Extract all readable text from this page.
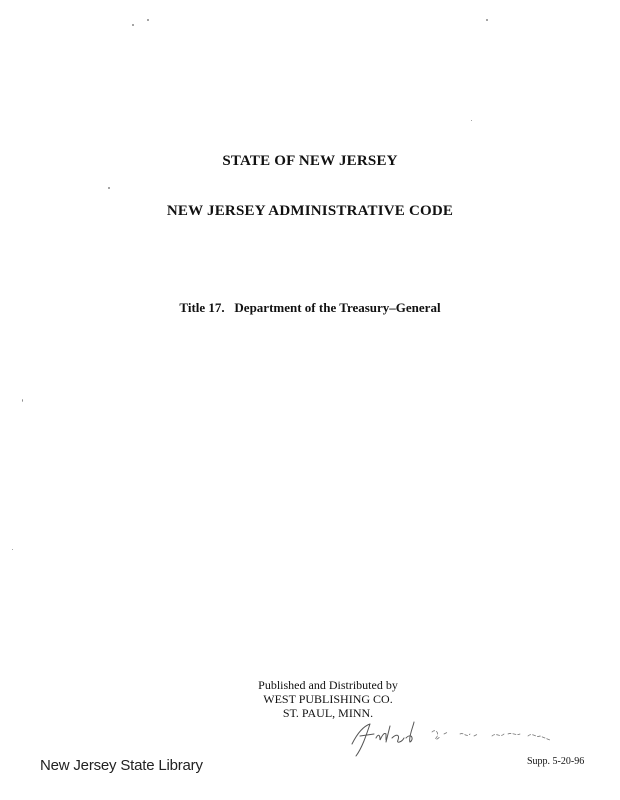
STATE OF NEW JERSEY
NEW JERSEY ADMINISTRATIVE CODE
Title 17.   Department of the Treasury–General
Published and Distributed by
WEST PUBLISHING CO.
ST. PAUL, MINN.
New Jersey State Library	Supp. 5-20-96
